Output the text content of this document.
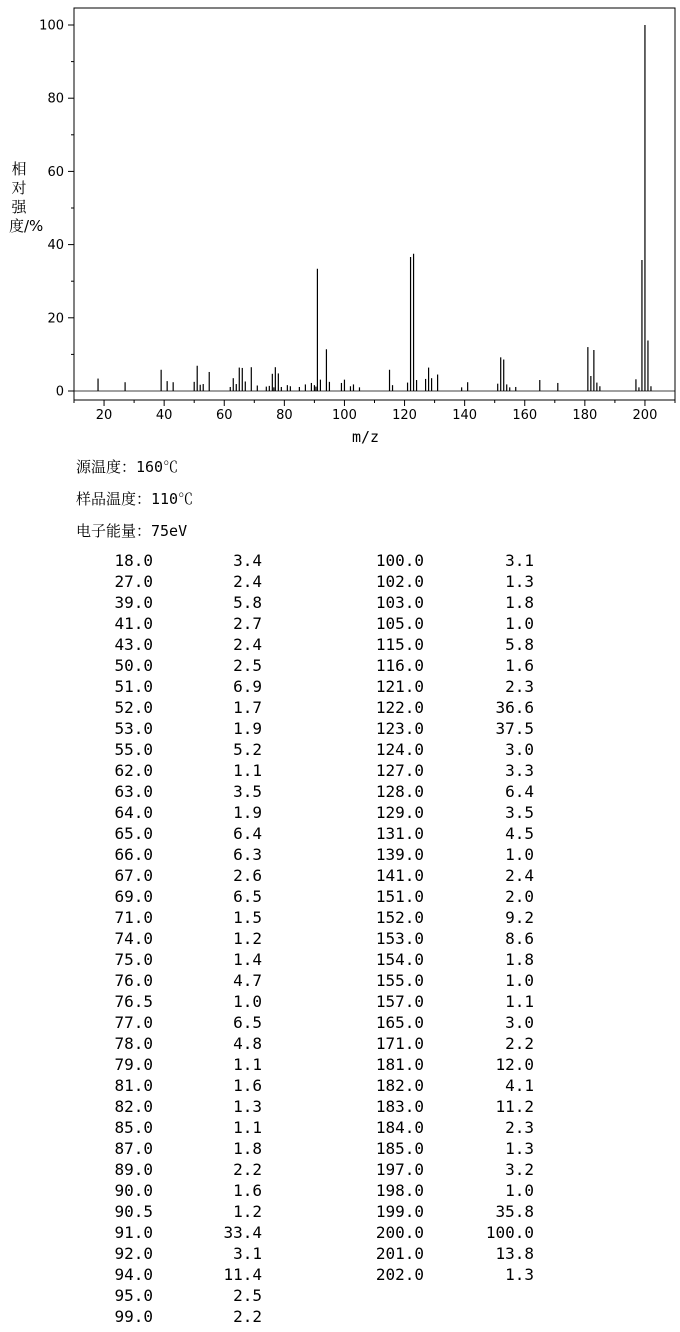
0
20
40
60
80
100
20	40	60	80	100	120	140	160	180	200
相对强度/%
m/z
源温度：160℃
样品温度：110℃
电子能量：75eV
18.0	3.4
27.0	2.4
39.0	5.8
41.0	2.7
43.0	2.4
50.0	2.5
51.0	6.9
52.0	1.7
53.0	1.9
55.0	5.2
62.0	1.1
63.0	3.5
64.0	1.9
65.0	6.4
66.0	6.3
67.0	2.6
69.0	6.5
71.0	1.5
74.0	1.2
75.0	1.4
76.0	4.7
76.5	1.0
77.0	6.5
78.0	4.8
79.0	1.1
81.0	1.6
82.0	1.3
85.0	1.1
87.0	1.8
89.0	2.2
90.0	1.6
90.5	1.2
91.0	33.4
92.0	3.1
94.0	11.4
95.0	2.5
99.0	2.2
100.0	3.1
102.0	1.3
103.0	1.8
105.0	1.0
115.0	5.8
116.0	1.6
121.0	2.3
122.0	36.6
123.0	37.5
124.0	3.0
127.0	3.3
128.0	6.4
129.0	3.5
131.0	4.5
139.0	1.0
141.0	2.4
151.0	2.0
152.0	9.2
153.0	8.6
154.0	1.8
155.0	1.0
157.0	1.1
165.0	3.0
171.0	2.2
181.0	12.0
182.0	4.1
183.0	11.2
184.0	2.3
185.0	1.3
197.0	3.2
198.0	1.0
199.0	35.8
200.0	100.0
201.0	13.8
202.0	1.3
